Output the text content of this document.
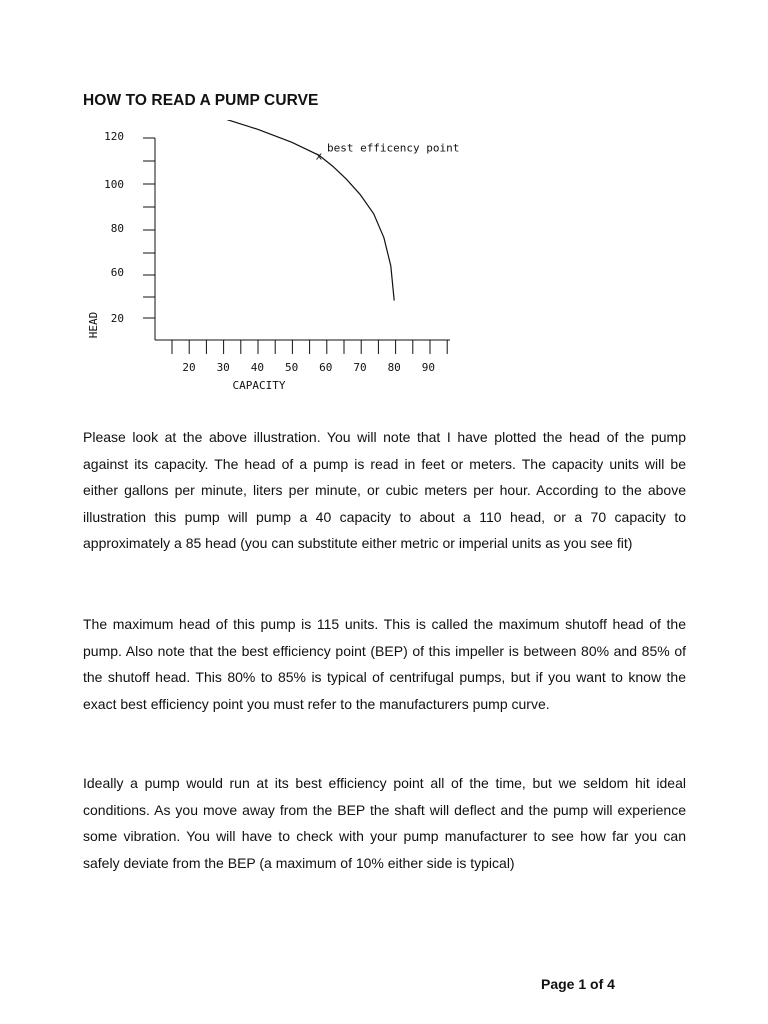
HOW TO READ A PUMP CURVE
20 30 40 50 60 70 80 90
20
60
80
100
120
x
best efficency point
CAPACITY
HEAD

Please look at the above illustration. You will note that I have plotted the head of the pump against its capacity. The head of a pump is read in feet or meters. The capacity units will be either gallons per minute, liters per minute, or cubic meters per hour. According to the above illustration this pump will pump a 40 capacity to about a 110 head, or a 70 capacity to approximately a 85 head (you can substitute either metric or imperial units as you see fit)

The maximum head of this pump is 115 units. This is called the maximum shutoff head of the pump. Also note that the best efficiency point (BEP) of this impeller is between 80% and 85% of the shutoff head. This 80% to 85% is typical of centrifugal pumps, but if you want to know the exact best efficiency point you must refer to the manufacturers pump curve.

Ideally a pump would run at its best efficiency point all of the time, but we seldom hit ideal conditions. As you move away from the BEP the shaft will deflect and the pump will experience some vibration. You will have to check with your pump manufacturer to see how far you can safely deviate from the BEP (a maximum of 10% either side is typical)

Page 1 of 4
